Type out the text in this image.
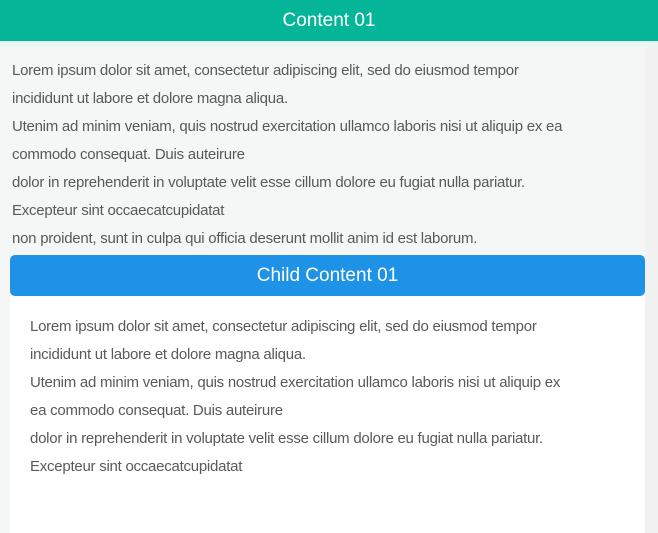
Content 01
Lorem ipsum dolor sit amet, consectetur adipiscing elit, sed do eiusmod tempor
incididunt ut labore et dolore magna aliqua.
Utenim ad minim veniam, quis nostrud exercitation ullamco laboris nisi ut aliquip ex ea
commodo consequat. Duis auteirure
dolor in reprehenderit in voluptate velit esse cillum dolore eu fugiat nulla pariatur.
Excepteur sint occaecatcupidatat
non proident, sunt in culpa qui officia deserunt mollit anim id est laborum.
Child Content 01
Lorem ipsum dolor sit amet, consectetur adipiscing elit, sed do eiusmod tempor
incididunt ut labore et dolore magna aliqua.
Utenim ad minim veniam, quis nostrud exercitation ullamco laboris nisi ut aliquip ex
ea commodo consequat. Duis auteirure
dolor in reprehenderit in voluptate velit esse cillum dolore eu fugiat nulla pariatur.
Excepteur sint occaecatcupidatat
